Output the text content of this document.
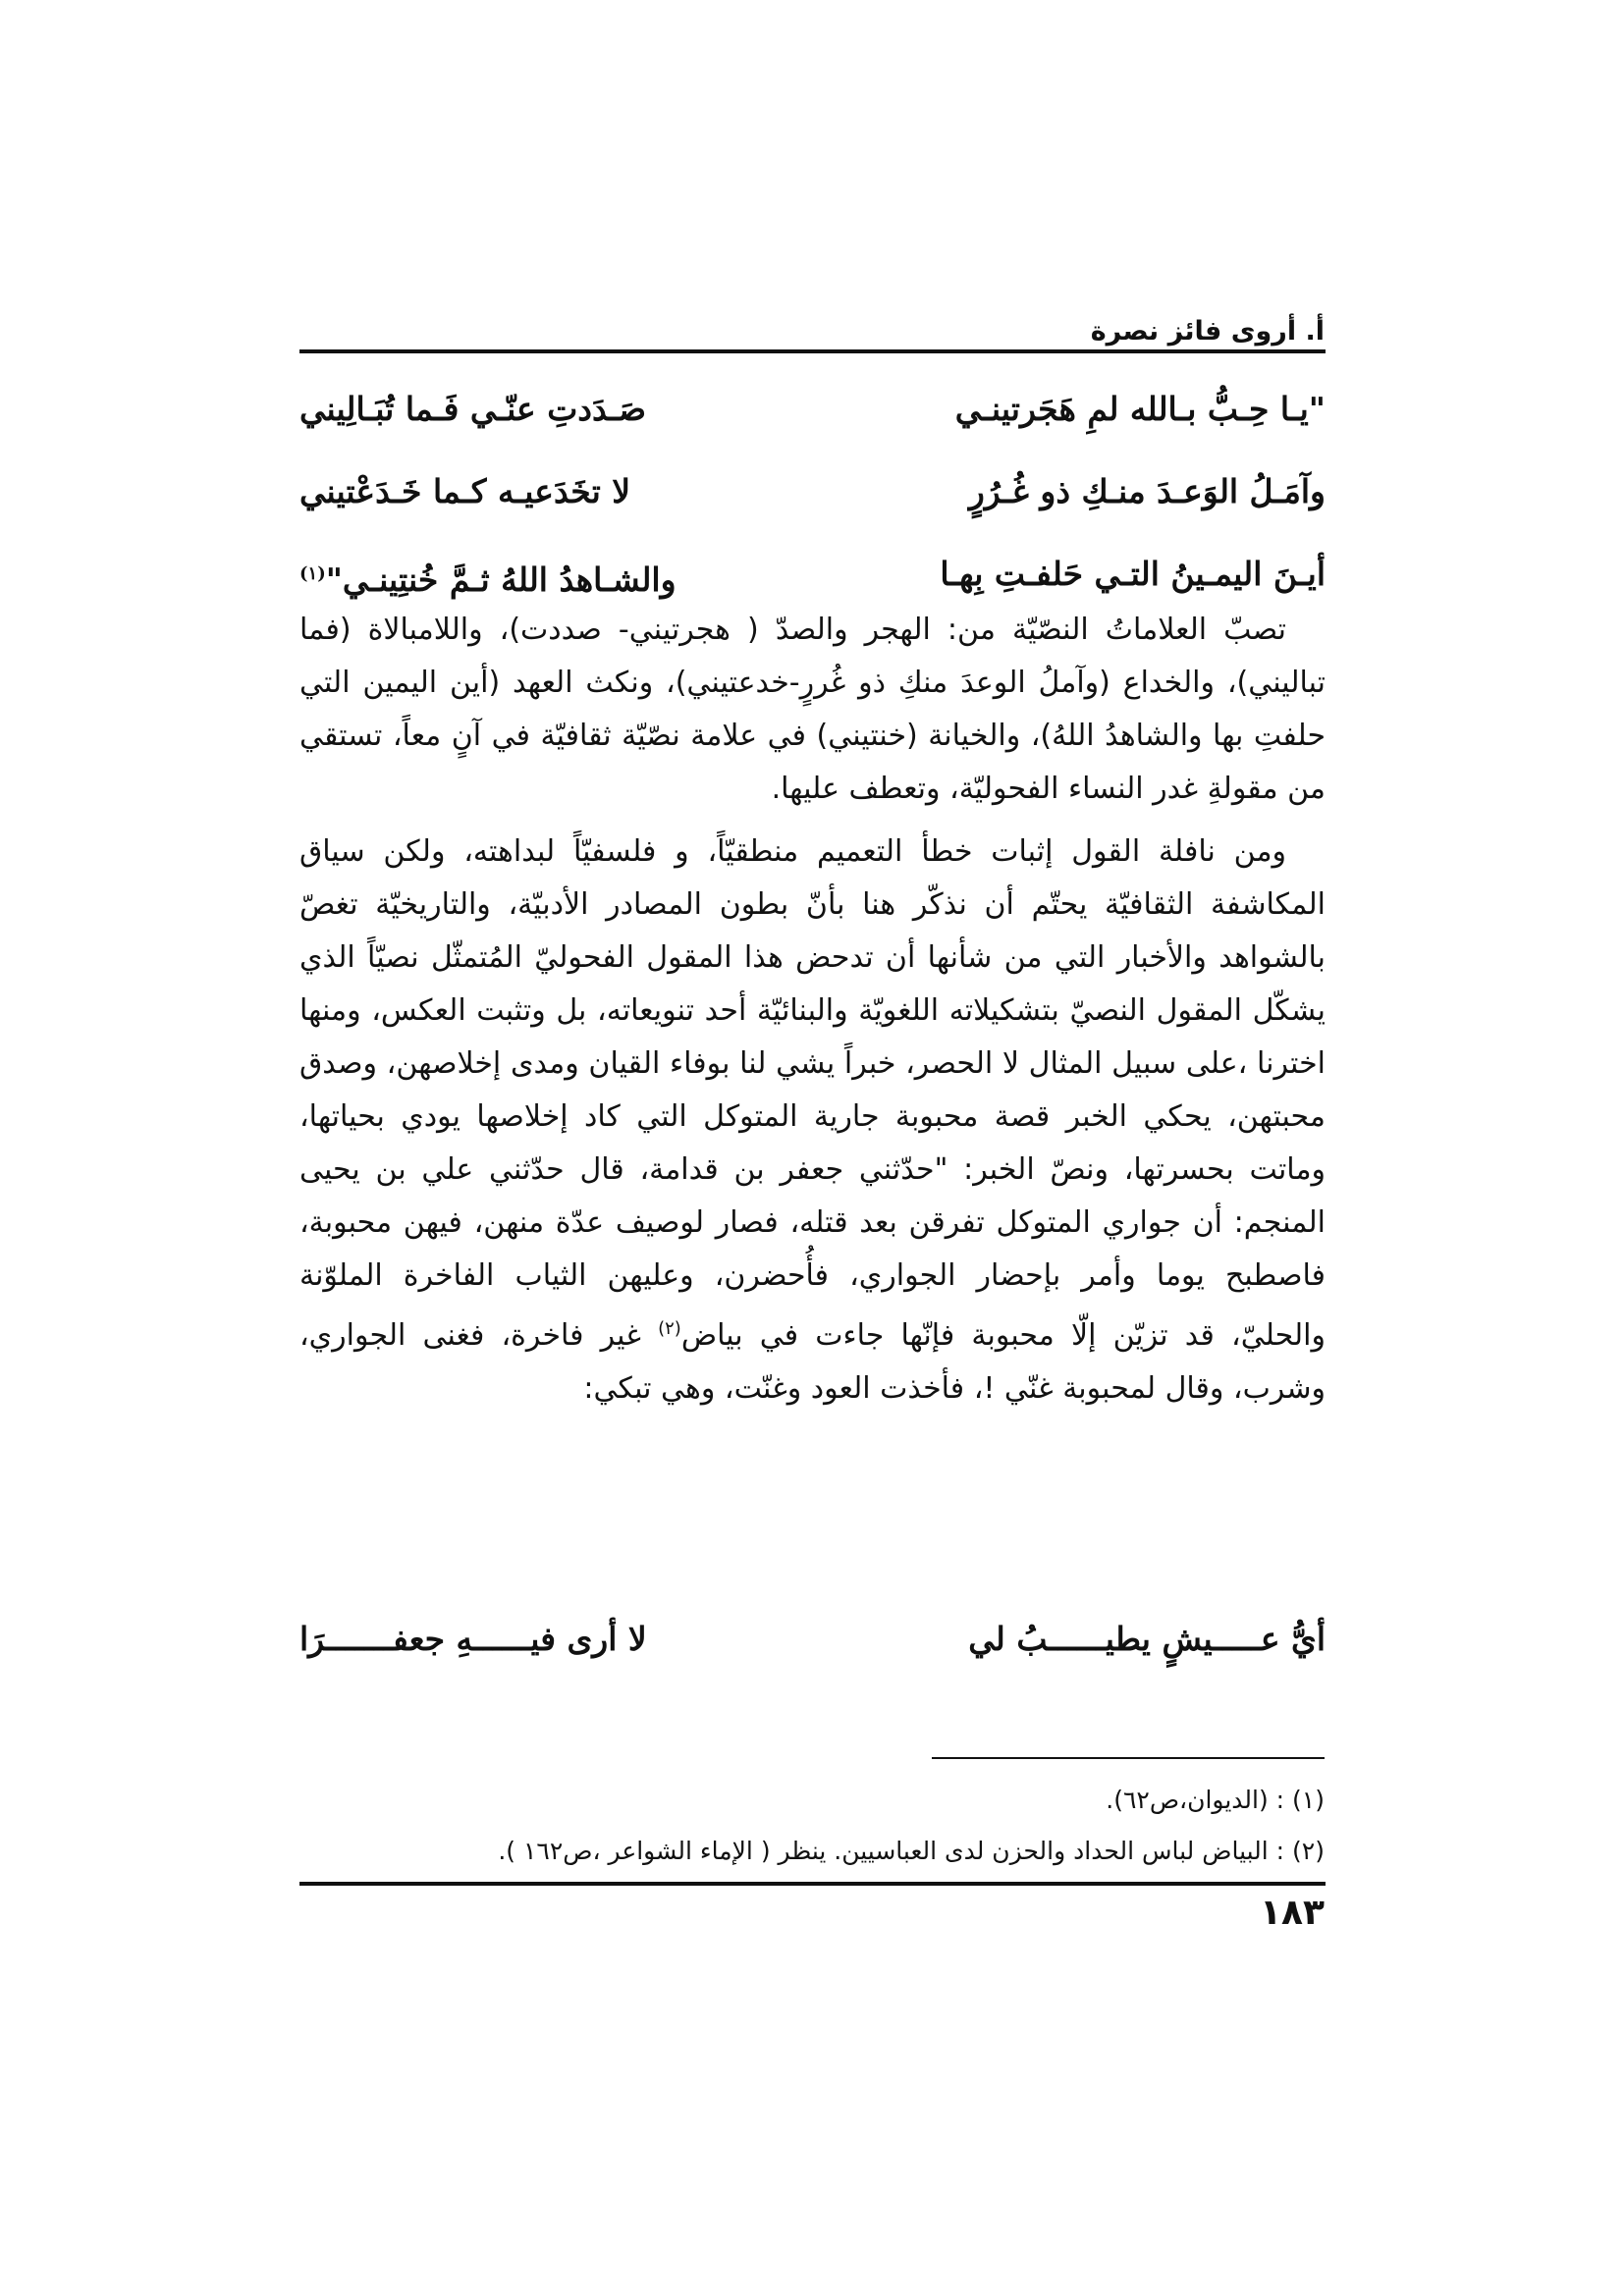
أ. أروى فائز نصرة
"يـا حِـبُّ بـالله لمِ هَجَرتينـي
صَـدَدتِ عنّـي فَـما تُبَـالِيني
وآمَـلُ الوَعـدَ منـكِ ذو غُـرُرٍ
لا تخَدَعيـه كـما خَـدَعْتيني
أيـنَ اليمـينُ التـي حَلفـتِ بِهـا
والشـاهدُ اللهُ ثـمَّ خُنتِينـي"$^{(١)}$

تصبّ العلاماتُ النصّيّة من: الهجر والصدّ ( هجرتيني- صددت)، واللامبالاة (فما تباليني)، والخداع (وآملُ الوعدَ منكِ ذو غُررٍ-خدعتيني)، ونكث العهد (أين اليمين التي حلفتِ بها والشاهدُ اللهُ)، والخيانة (خنتيني) في علامة نصّيّة ثقافيّة في آنٍ معاً، تستقي من مقولةِ غدر النساء الفحوليّة، وتعطف عليها.

ومن نافلة القول إثبات خطأ التعميم منطقيّاً، و فلسفيّاً لبداهته، ولكن سياق المكاشفة الثقافيّة يحتّم أن نذكّر هنا بأنّ بطون المصادر الأدبيّة، والتاريخيّة تغصّ بالشواهد والأخبار التي من شأنها أن تدحض هذا المقول الفحوليّ المُتمثّل نصيّاً الذي يشكّل المقول النصيّ بتشكيلاته اللغويّة والبنائيّة أحد تنويعاته، بل وتثبت العكس، ومنها اخترنا ،على سبيل المثال لا الحصر، خبراً يشي لنا بوفاء القيان ومدى إخلاصهن، وصدق محبتهن، يحكي الخبر قصة محبوبة جارية المتوكل التي كاد إخلاصها يودي بحياتها، وماتت بحسرتها، ونصّ الخبر: "حدّثني جعفر بن قدامة، قال حدّثني علي بن يحيى المنجم: أن جواري المتوكل تفرقن بعد قتله، فصار لوصيف عدّة منهن، فيهن محبوبة، فاصطبح يوما وأمر بإحضار الجواري، فأُحضرن، وعليهن الثياب الفاخرة الملوّنة والحليّ، قد تزيّن إلّا محبوبة فإنّها جاءت في بياض$^{(٢)}$ غير فاخرة، فغنى الجواري، وشرب، وقال لمحبوبة غنّي !، فأخذت العود وغنّت، وهي تبكي:

أيُّ عـــــيشٍ يطيــــــبُ لي
لا أرى فيــــــهِ جعفـــــــرَا
(١) : (الديوان،ص٦٢).
(٢) : البياض لباس الحداد والحزن لدى العباسيين. ينظر ( الإماء الشواعر ،ص١٦٢ ).
١٨٣
